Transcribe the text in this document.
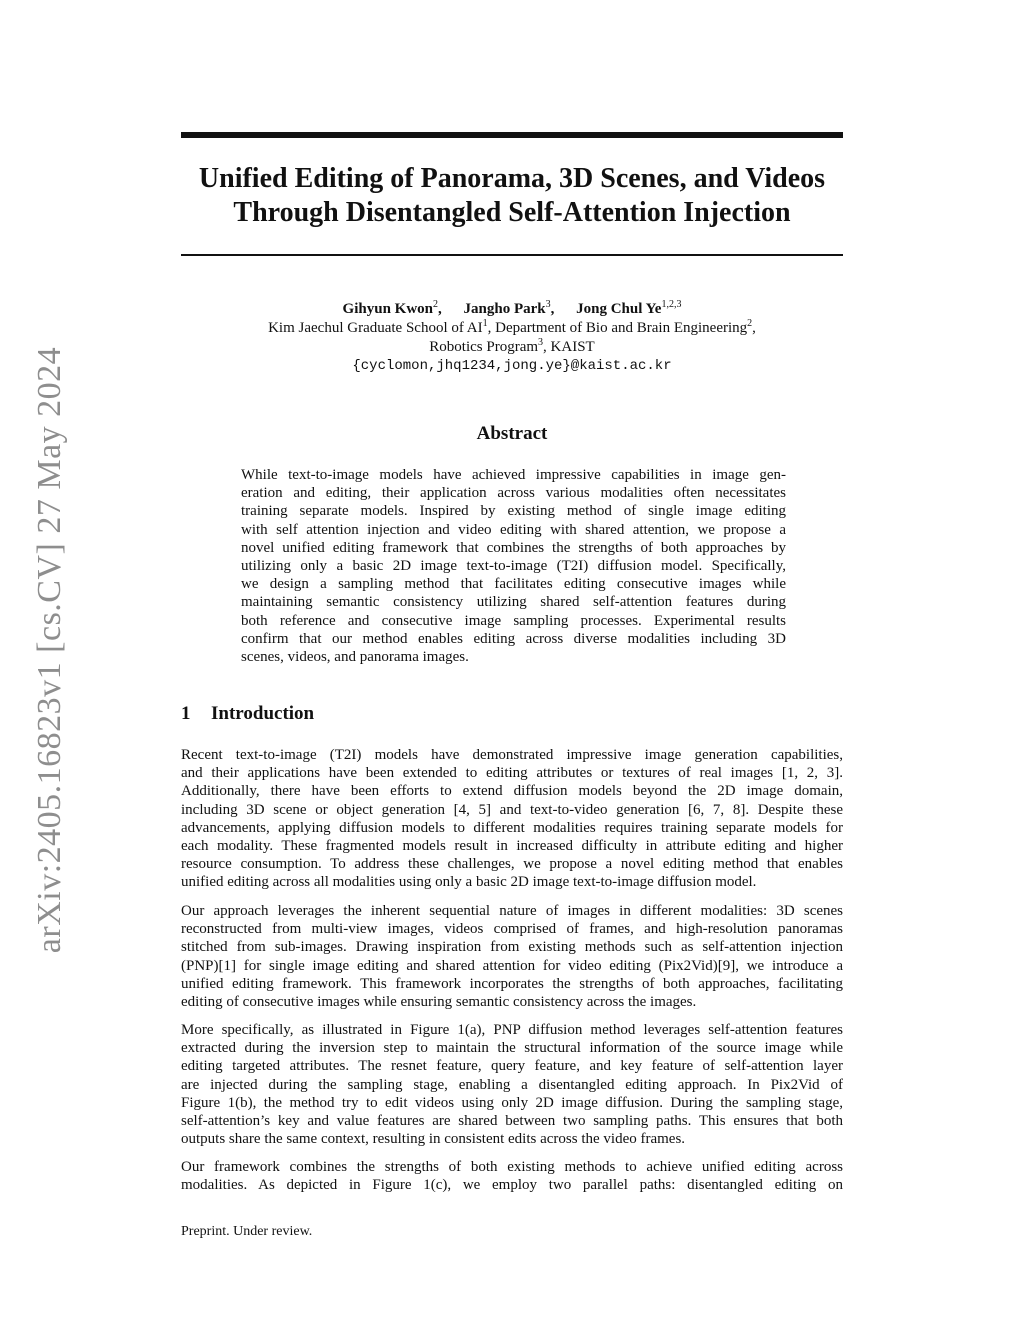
arXiv:2405.16823v1 [cs.CV] 27 May 2024
Unified Editing of Panorama, 3D Scenes, and Videos
Through Disentangled Self-Attention Injection
Gihyun Kwon$^2$, Jangho Park$^3$, Jong Chul Ye$^{1,2,3}$
Kim Jaechul Graduate School of $AI^1$, Department of Bio and Brain Engineering$^2$,
Robotics Program$^3$, KAIST
{cyclomon,jhq1234,jong.ye}@kaist.ac.kr
Abstract
While text-to-image models have achieved impressive capabilities in image gen-
eration and editing, their application across various modalities often necessitates
training separate models. Inspired by existing method of single image editing
with self attention injection and video editing with shared attention, we propose a
novel unified editing framework that combines the strengths of both approaches by
utilizing only a basic 2D image text-to-image (T2I) diffusion model. Specifically,
we design a sampling method that facilitates editing consecutive images while
maintaining semantic consistency utilizing shared self-attention features during
both reference and consecutive image sampling processes. Experimental results
confirm that our method enables editing across diverse modalities including 3D
scenes, videos, and panorama images.
1 Introduction
Recent text-to-image (T2I) models have demonstrated impressive image generation capabilities,
and their applications have been extended to editing attributes or textures of real images [1, 2, 3].
Additionally, there have been efforts to extend diffusion models beyond the 2D image domain,
including 3D scene or object generation [4, 5] and text-to-video generation [6, 7, 8]. Despite these
advancements, applying diffusion models to different modalities requires training separate models for
each modality. These fragmented models result in increased difficulty in attribute editing and higher
resource consumption. To address these challenges, we propose a novel editing method that enables
unified editing across all modalities using only a basic 2D image text-to-image diffusion model.
Our approach leverages the inherent sequential nature of images in different modalities: 3D scenes
reconstructed from multi-view images, videos comprised of frames, and high-resolution panoramas
stitched from sub-images. Drawing inspiration from existing methods such as self-attention injection
(PNP)[1] for single image editing and shared attention for video editing (Pix2Vid)[9], we introduce a
unified editing framework. This framework incorporates the strengths of both approaches, facilitating
editing of consecutive images while ensuring semantic consistency across the images.
More specifically, as illustrated in Figure 1(a), PNP diffusion method leverages self-attention features
extracted during the inversion step to maintain the structural information of the source image while
editing targeted attributes. The resnet feature, query feature, and key feature of self-attention layer
are injected during the sampling stage, enabling a disentangled editing approach. In Pix2Vid of
Figure 1(b), the method try to edit videos using only 2D image diffusion. During the sampling stage,
self-attention’s key and value features are shared between two sampling paths. This ensures that both
outputs share the same context, resulting in consistent edits across the video frames.
Our framework combines the strengths of both existing methods to achieve unified editing across
modalities. As depicted in Figure 1(c), we employ two parallel paths: disentangled editing on
Preprint. Under review.
